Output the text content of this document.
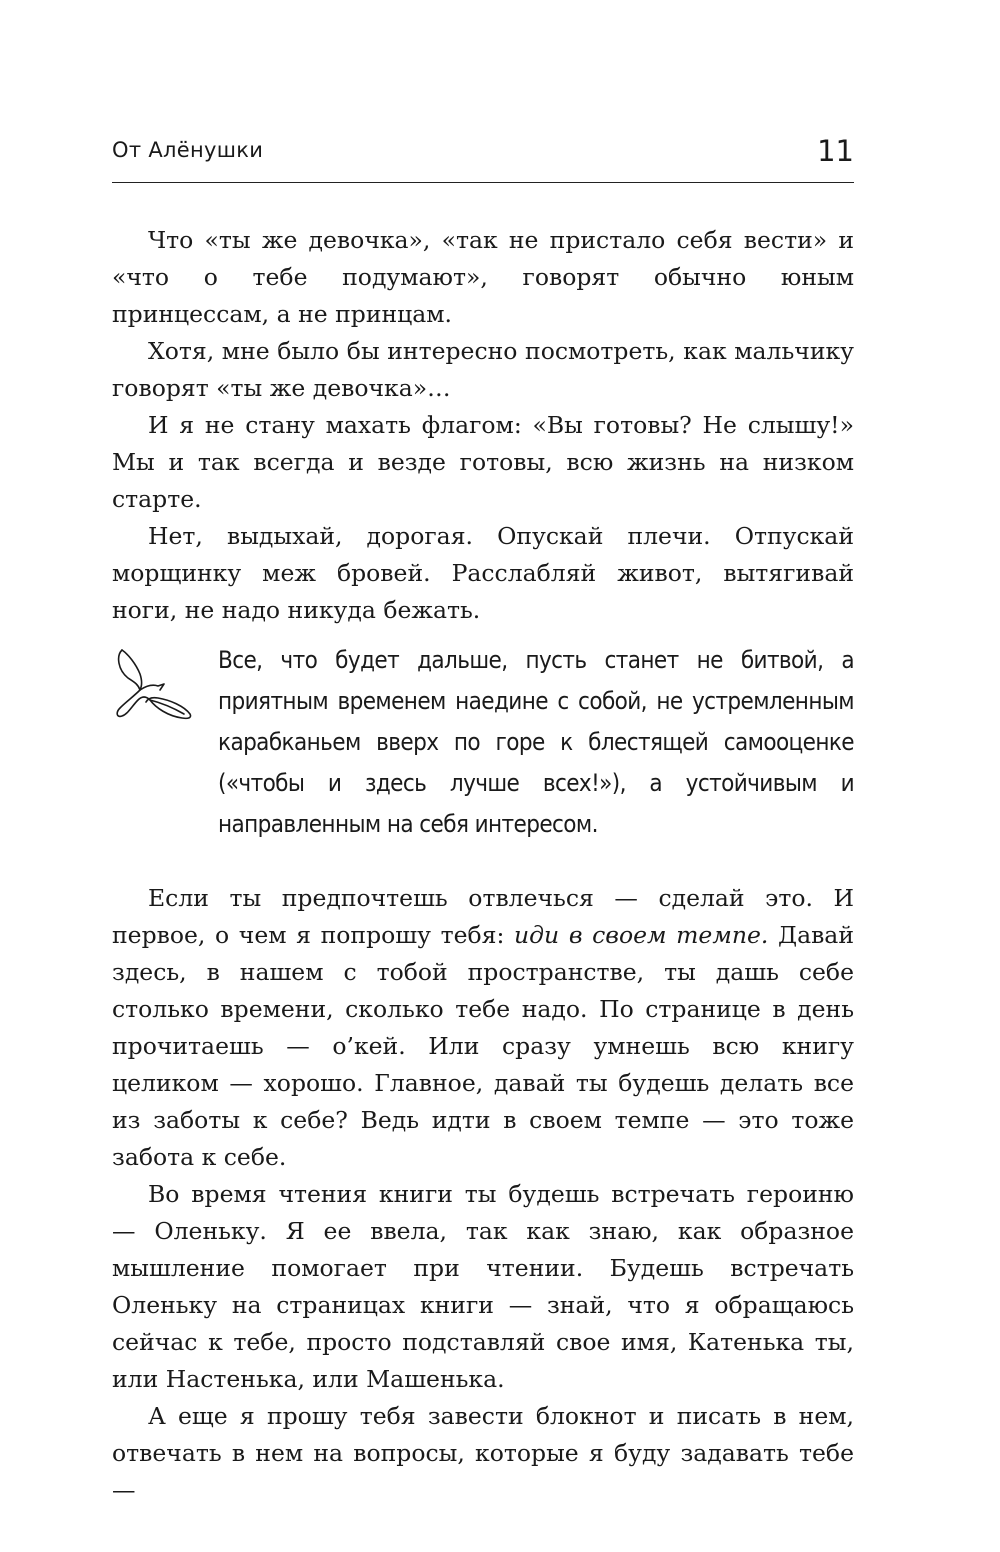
От Алёнушки	11

Что «ты же девочка», «так не пристало себя вести» и «что о тебе подумают», говорят обычно юным принцессам, а не принцам.

Хотя, мне было бы интересно посмотреть, как мальчику говорят «ты же девочка»…

И я не стану махать флагом: «Вы готовы? Не слышу!» Мы и так всегда и везде готовы, всю жизнь на низком старте.

Нет, выдыхай, дорогая. Опускай плечи. Отпускай морщинку меж бровей. Расслабляй живот, вытягивай ноги, не надо никуда бежать.

Все, что будет дальше, пусть станет не битвой, а приятным временем наедине с собой, не устремленным карабканьем вверх по горе к блестящей самооценке («чтобы и здесь лучше всех!»), а устойчивым и направленным на себя интересом.

Если ты предпочтешь отвлечься — сделай это. И первое, о чем я попрошу тебя: иди в своем темпе. Давай здесь, в нашем с тобой пространстве, ты дашь себе столько времени, сколько тебе надо. По странице в день прочитаешь — о’кей. Или сразу умнешь всю книгу целиком — хорошо. Главное, давай ты будешь делать все из заботы к себе? Ведь идти в своем темпе — это тоже забота к себе.

Во время чтения книги ты будешь встречать героиню — Оленьку. Я ее ввела, так как знаю, как образное мышление помогает при чтении. Будешь встречать Оленьку на страницах книги — знай, что я обращаюсь сейчас к тебе, просто подставляй свое имя, Катенька ты, или Настенька, или Машенька.

А еще я прошу тебя завести блокнот и писать в нем, отвечать в нем на вопросы, которые я буду задавать тебе —
